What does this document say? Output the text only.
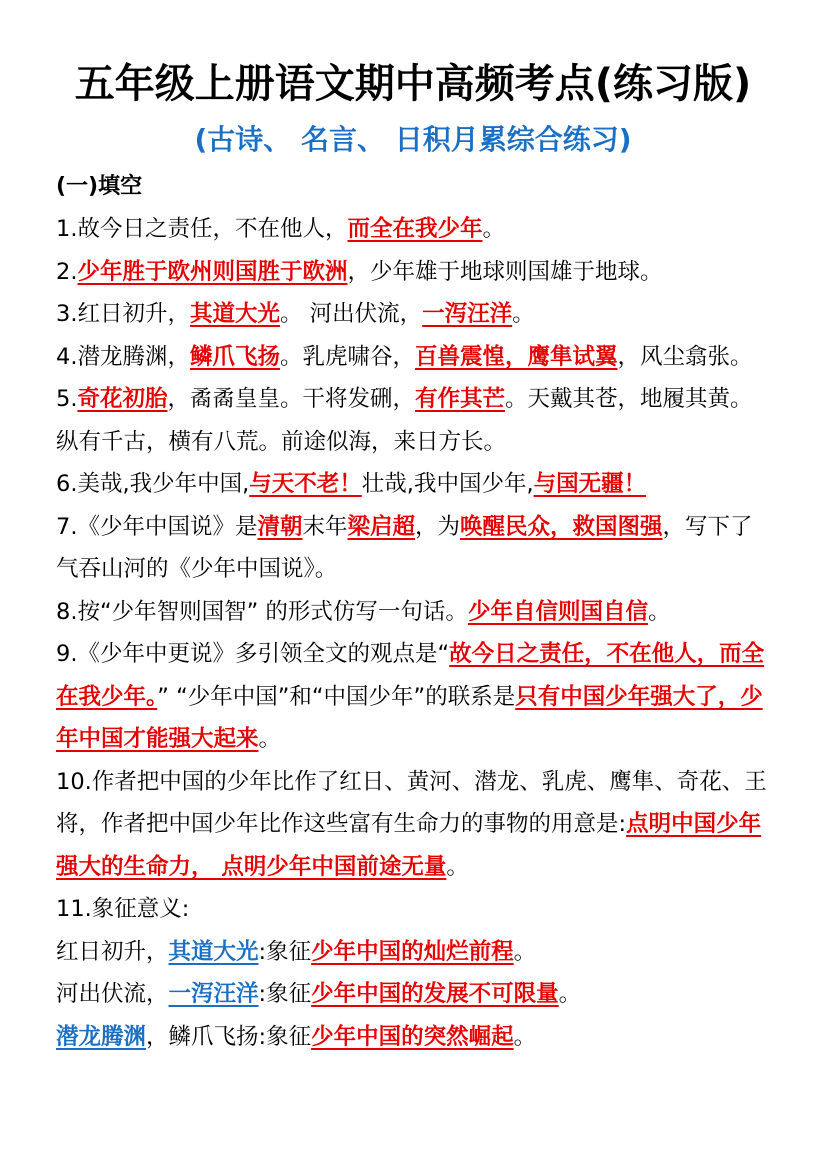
五年级上册语文期中高频考点(练习版)
(古诗、 名言、 日积月累综合练习)
(一)填空

1.故今日之责任，不在他人，而全在我少年。

2.少年胜于欧州则国胜于欧洲，少年雄于地球则国雄于地球。

3.红日初升，其道大光。 河出伏流，一泻汪洋。

4.潜龙腾渊，鳞爪飞扬。乳虎啸谷，百兽震惶，鹰隼试翼，风尘翕张。

5.奇花初胎，矞矞皇皇。干将发硎，有作其芒。天戴其苍，地履其黄。纵有千古，横有八荒。前途似海，来日方长。

6.美哉,我少年中国,与天不老！壮哉,我中国少年,与国无疆！

7.《少年中国说》是清朝末年梁启超，为唤醒民众，救国图强，写下了气吞山河的《少年中国说》。

8.按“少年智则国智” 的形式仿写一句话。少年自信则国自信。

9.《少年中更说》多引领全文的观点是“故今日之责任，不在他人，而全在我少年。” “少年中国”和“中国少年”的联系是只有中国少年强大了，少年中国才能强大起来。

10.作者把中国的少年比作了红日、黄河、潜龙、乳虎、鹰隼、奇花、王将，作者把中国少年比作这些富有生命力的事物的用意是:点明中国少年强大的生命力， 点明少年中国前途无量。

11.象征意义:

红日初升，其道大光:象征少年中国的灿烂前程。

河出伏流，一泻汪洋:象征少年中国的发展不可限量。

潜龙腾渊，鳞爪飞扬:象征少年中国的突然崛起。
